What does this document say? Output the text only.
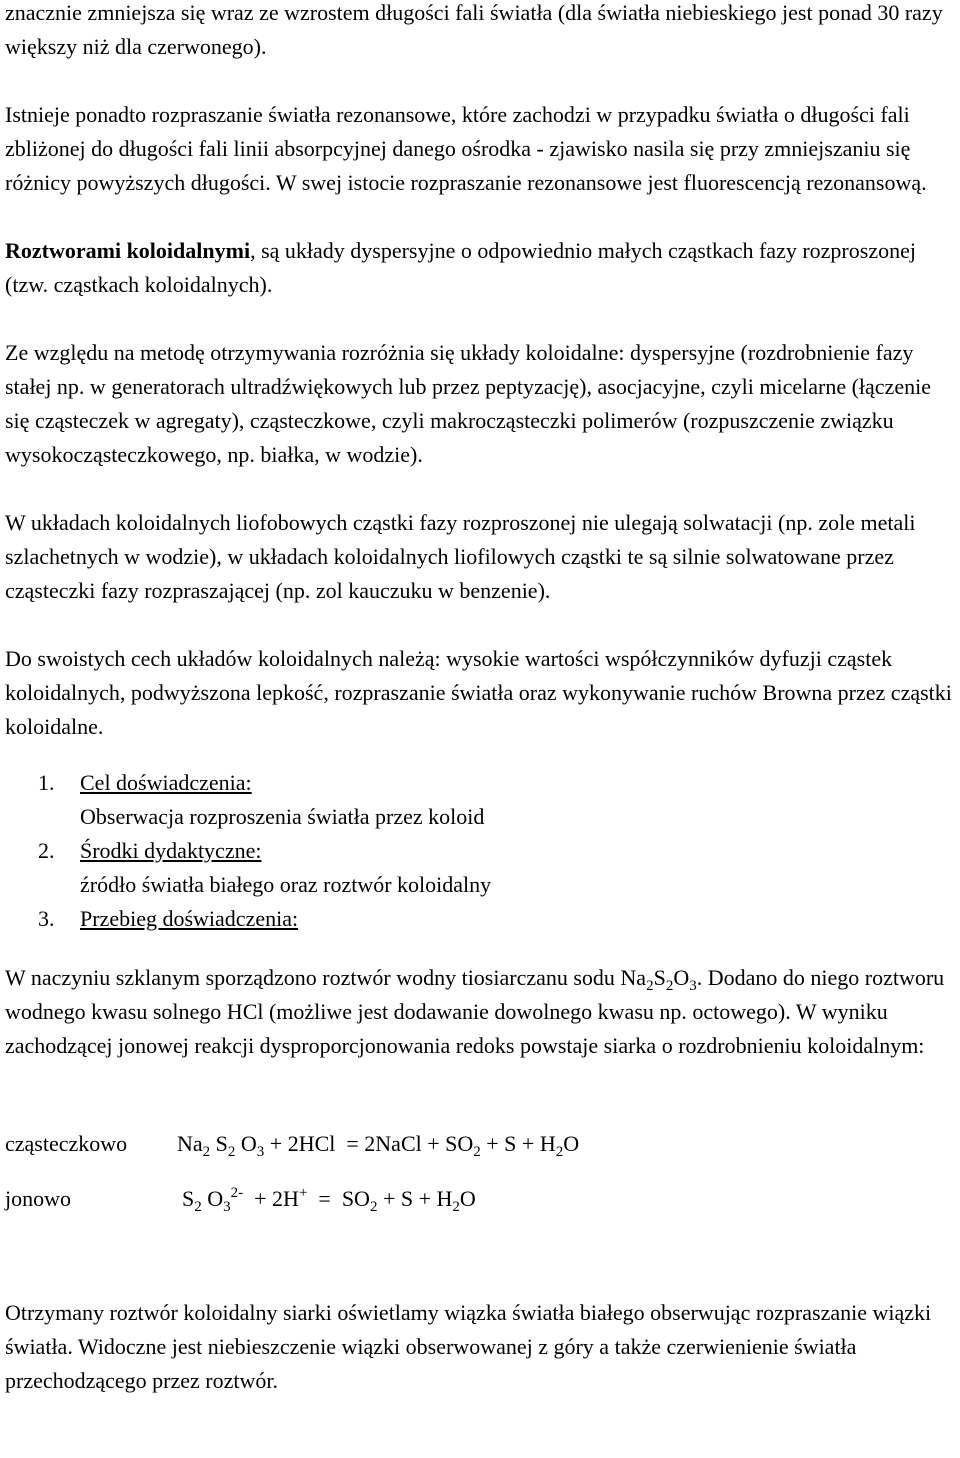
znacznie zmniejsza się wraz ze wzrostem długości fali światła (dla światła niebieskiego jest ponad 30 razy większy niż dla czerwonego).

Istnieje ponadto rozpraszanie światła rezonansowe, które zachodzi w przypadku światła o długości fali zbliżonej do długości fali linii absorpcyjnej danego ośrodka - zjawisko nasila się przy zmniejszaniu się różnicy powyższych długości. W swej istocie rozpraszanie rezonansowe jest fluorescencją rezonansową.

Roztworami koloidalnymi, są układy dyspersyjne o odpowiednio małych cząstkach fazy rozproszonej (tzw. cząstkach koloidalnych).

Ze względu na metodę otrzymywania rozróżnia się układy koloidalne: dyspersyjne (rozdrobnienie fazy stałej np. w generatorach ultradźwiękowych lub przez peptyzację), asocjacyjne, czyli micelarne (łączenie się cząsteczek w agregaty), cząsteczkowe, czyli makrocząsteczki polimerów (rozpuszczenie związku wysokocząsteczkowego, np. białka, w wodzie).

W układach koloidalnych liofobowych cząstki fazy rozproszonej nie ulegają solwatacji (np. zole metali szlachetnych w wodzie), w układach koloidalnych liofilowych cząstki te są silnie solwatowane przez cząsteczki fazy rozpraszającej (np. zol kauczuku w benzenie).

Do swoistych cech układów koloidalnych należą: wysokie wartości współczynników dyfuzji cząstek koloidalnych, podwyższona lepkość, rozpraszanie światła oraz wykonywanie ruchów Browna przez cząstki koloidalne.

1. Cel doświadczenia:
Obserwacja rozproszenia światła przez koloid
2. Środki dydaktyczne:
źródło światła białego oraz roztwór koloidalny
3. Przebieg doświadczenia:

W naczyniu szklanym sporządzono roztwór wodny tiosiarczanu sodu $Na_2S_2O_3$. Dodano do niego roztworu wodnego kwasu solnego HCl (możliwe jest dodawanie dowolnego kwasu np. octowego). W wyniku zachodzącej jonowej reakcji dysproporcjonowania redoks powstaje siarka o rozdrobnieniu koloidalnym:

cząsteczkowo $Na_2$ $S_2$ $O_3 + 2HCl$  = 2NaCl + $SO_2 + S + H_2O$
jonowo	$S_2$ $O_3^{2-} + 2H^+ = SO_2 + S + H_2O$

Otrzymany roztwór koloidalny siarki oświetlamy wiązka światła białego obserwując rozpraszanie wiązki światła. Widoczne jest niebieszczenie wiązki obserwowanej z góry a także czerwienienie światła przechodzącego przez roztwór.
